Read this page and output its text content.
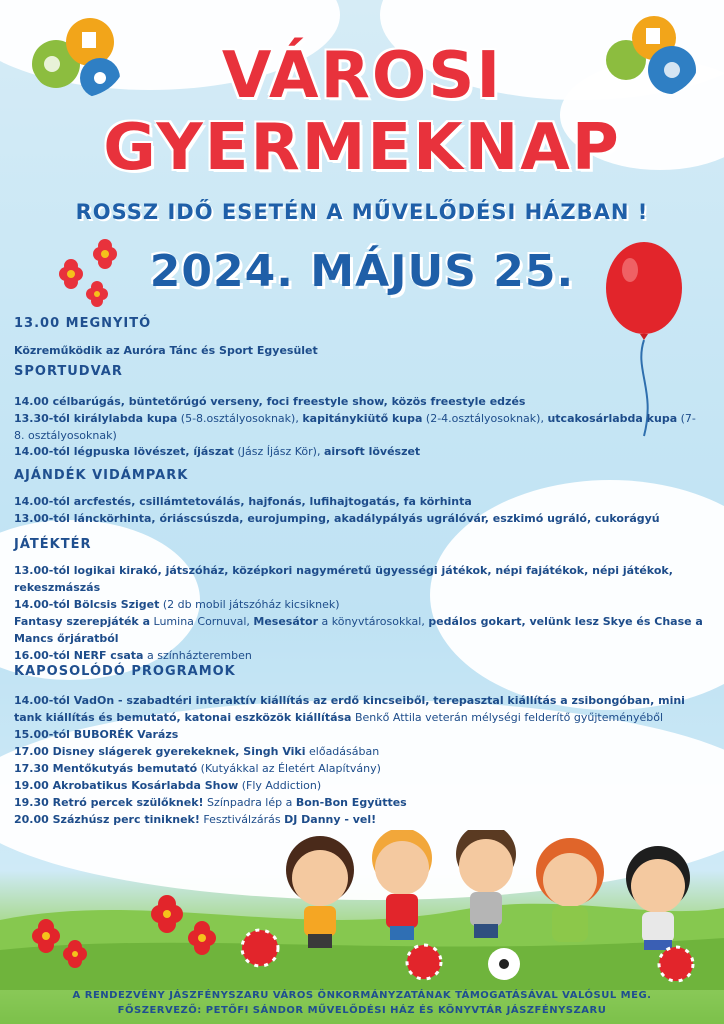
VÁROSI
GYERMEKNAP
ROSSZ IDŐ ESETÉN A MŰVELŐDÉSI HÁZBAN !
2024. MÁJUS 25.
13.00 MEGNYITÓ
Közreműködik az Auróra Tánc és Sport Egyesület
SPORTUDVAR
14.00 célbarúgás, büntetőrúgó verseny, foci freestyle show, közös freestyle edzés
13.30-tól királylabda kupa (5-8.osztályosoknak), kapitánykiütő kupa (2-4.osztályosoknak), utcakosárlabda kupa (7-8. osztályosoknak)
14.00-tól légpuska lövészet, íjászat (Jász Íjász Kör), airsoft lövészet
AJÁNDÉK VIDÁMPARK
14.00-tól arcfestés, csillámtetoválás, hajfonás, lufihajtogatás, fa körhinta
13.00-tól lánckörhinta, óriáscsúszda, eurojumping, akadálypályás ugrálóvár, eszkimó ugráló, cukorágyú
JÁTÉKTÉR
13.00-tól logikai kirakó, játszóház, középkori nagyméretű ügyességi játékok, népi fajátékok, népi játékok, rekeszmászás
14.00-tól Bölcsis Sziget (2 db mobil játszóház kicsiknek)
Fantasy szerepjáték a Lumina Cornuval, Mesesátor a könyvtárosokkal, pedálos gokart, velünk lesz Skye és Chase a Mancs őrjáratból
16.00-tól NERF csata a színházteremben
KAPOSOLÓDÓ PROGRAMOK
14.00-tól VadOn - szabadtéri interaktív kiállítás az erdő kincseiből, terepasztal kiállítás a zsibongóban, mini tank kiállítás és bemutató, katonai eszközök kiállítása Benkő Attila veterán mélységi felderítő gyűjteményéből
15.00-tól BUBORÉK Varázs
17.00 Disney slágerek gyerekeknek, Singh Viki előadásában
17.30 Mentőkutyás bemutató (Kutyákkal az Életért Alapítvány)
19.00 Akrobatikus Kosárlabda Show (Fly Addiction)
19.30 Retró percek szülőknek! Színpadra lép a Bon-Bon Együttes
20.00 Százhúsz perc tiniknek! Fesztiválzárás DJ Danny - vel!
A RENDEZVÉNY JÁSZFÉNYSZARU VÁROS ÖNKORMÁNYZATÁNAK TÁMOGATÁSÁVAL VALÓSUL MEG.
FŐSZERVEZŐ: PETŐFI SÁNDOR MŰVELŐDÉSI HÁZ ÉS KÖNYVTÁR JÁSZFÉNYSZARU
